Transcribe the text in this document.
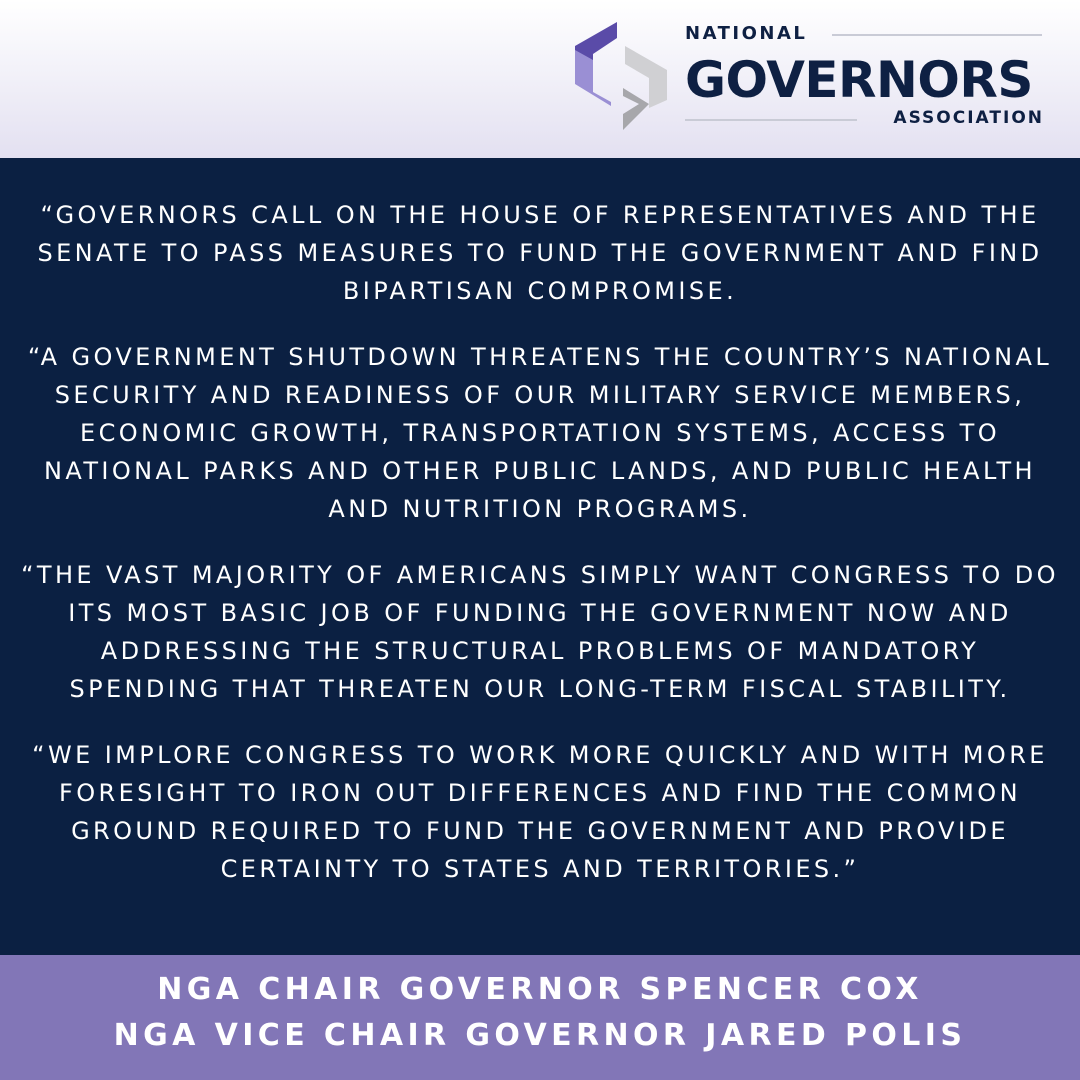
NATIONAL
GOVERNORS
ASSOCIATION

“GOVERNORS CALL ON THE HOUSE OF REPRESENTATIVES AND THE SENATE TO PASS MEASURES TO FUND THE GOVERNMENT AND FIND BIPARTISAN COMPROMISE.

“A GOVERNMENT SHUTDOWN THREATENS THE COUNTRY’S NATIONAL SECURITY AND READINESS OF OUR MILITARY SERVICE MEMBERS, ECONOMIC GROWTH, TRANSPORTATION SYSTEMS, ACCESS TO NATIONAL PARKS AND OTHER PUBLIC LANDS, AND PUBLIC HEALTH AND NUTRITION PROGRAMS.

“THE VAST MAJORITY OF AMERICANS SIMPLY WANT CONGRESS TO DO ITS MOST BASIC JOB OF FUNDING THE GOVERNMENT NOW AND ADDRESSING THE STRUCTURAL PROBLEMS OF MANDATORY SPENDING THAT THREATEN OUR LONG-TERM FISCAL STABILITY.

“WE IMPLORE CONGRESS TO WORK MORE QUICKLY AND WITH MORE FORESIGHT TO IRON OUT DIFFERENCES AND FIND THE COMMON GROUND REQUIRED TO FUND THE GOVERNMENT AND PROVIDE CERTAINTY TO STATES AND TERRITORIES.”

NGA CHAIR GOVERNOR SPENCER COX
NGA VICE CHAIR GOVERNOR JARED POLIS
